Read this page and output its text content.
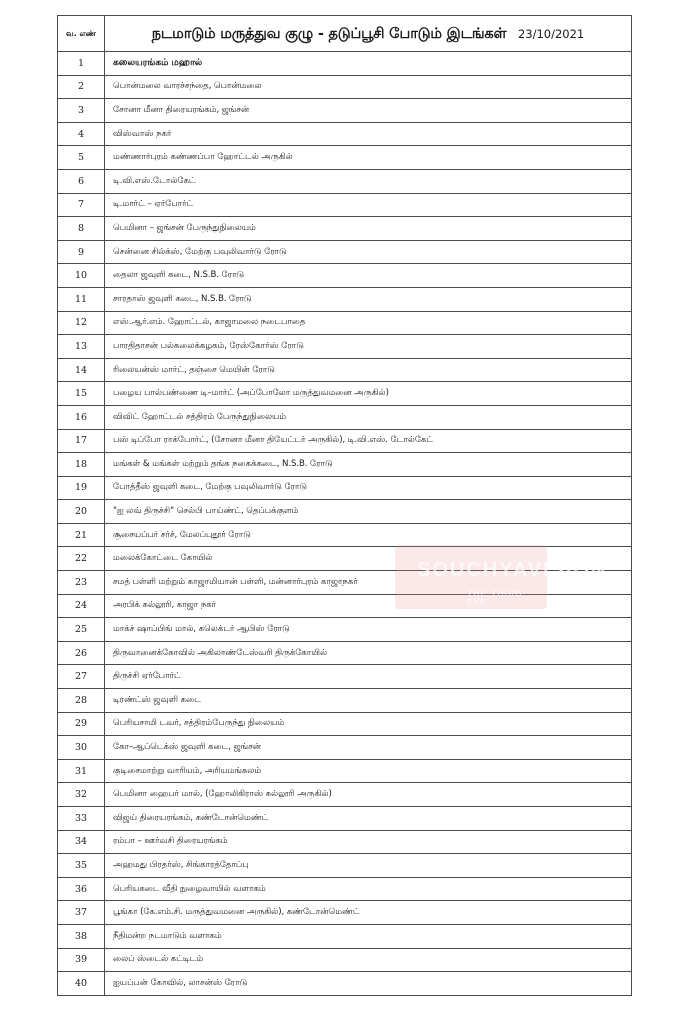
வ. எண்	நடமாடும் மருத்துவ குழு - தடுப்பூசி போடும் இடங்கள் 23/10/2021
1	கலையரங்கம் மஹால்
2	பொன்மலை வாரச்சந்தை, பொன்மலை
3	சோனா மீனா திரையரங்கம், ஜங்சன்
4	விஸ்வாஸ் நகர்
5	மண்ணார்புரம் கண்ணப்பா ஹோட்டல் அருகில்
6	டி.வி.எஸ்.டோல்கேட்
7	டி.மார்ட் – ஏர்போர்ட்
8	பெமினா – ஜங்சன் பேருந்துநிலையம்
9	சென்னை சில்க்ஸ், மேற்கு பவுலிவார்டு ரோடு
10	தைலா ஜவுளி கடை, N.S.B. ரோடு
11	சாரதாஸ் ஜவுளி கடை, N.S.B. ரோடு
12	எஸ்.ஆர்.எம். ஹோட்டல், காஜாமலை நடைபாதை
13	பாரதிதாசன் பல்கலைக்கழகம், ரேஸ்கோர்ஸ் ரோடு
14	ரிலையன்ஸ் மார்ட், தஞ்சை மெயின் ரோடு
15	பழைய பால்பண்ணை டி–மார்ட் (அப்போலோ மருத்துவமனை அருகில்)
16	விவிட் ஹோட்டல் சத்திரம் பேருந்துநிலையம்
17	பஸ் டிப்போ ராக்போர்ட், (சோனா மீனா தியேட்டர் அருகில்), டி.வி.எஸ். டோல்கேட்
18	மங்கள் & மங்கள் மற்றும் தங்க நகைக்கடை, N.S.B. ரோடு
19	போத்தீஸ் ஜவுளி கடை, மேற்கு பவுலிவார்டு ரோடு
20	"ஐ லவ் திருச்சி" செல்பி பாய்ண்ட், தெப்பக்குளம்
21	சூசையப்பர் சர்ச், மேலப்புதூர் ரோடு
22	மலைக்கோட்டை கோயில்
23	சமத் பள்ளி மற்றும் காஜாமியான் பள்ளி, மன்னார்புரம் காஜாநகர்
24	அரபிக் கல்லூரி, காஜா நகர்
25	மாக்ச் ஷாப்பிங் மால், கலெக்டர் ஆபிஸ் ரோடு
26	திருவானைக்கோவில் அகிலாண்டேஸ்வரி திருக்கோயில்
27	திருச்சி ஏர்போர்ட்
28	டிரண்ட்ஸ் ஜவுளி கடை
29	பெரியசாமி டவர், சத்திரம்பேருந்து நிலையம்
30	கோ–ஆப்டெக்ஸ் ஜவுளி கடை, ஜங்சன்
31	குடிசைமாற்று வாரியம், அரியமங்கலம்
32	பெமினா ஹைபர் மால், (ஹோலிகிராஸ் கல்லூரி அருகில்)
33	விஜய் திரையரங்கம், கண்டோன்மெண்ட்
34	ரம்பா – ஊர்வசி திரையரங்கம்
35	அஹமது பிரதர்ஸ், சிங்காரத்தோப்பு
36	பெரியகடை வீதி நுழைவாயில் வளாகம்
37	பூங்கா (கே.எம்.சி. மருத்துவமனை அருகில்), கண்டோன்மெண்ட்
38	நீதிமன்ற நடமாடும் வளாகம்
39	லைப் ஸ்டைல் கட்டிடம்
40	ஐயப்பன் கோவில், லாசன்ஸ் ரோடு
SOUCHYAVISION
THE THIRD EYE
